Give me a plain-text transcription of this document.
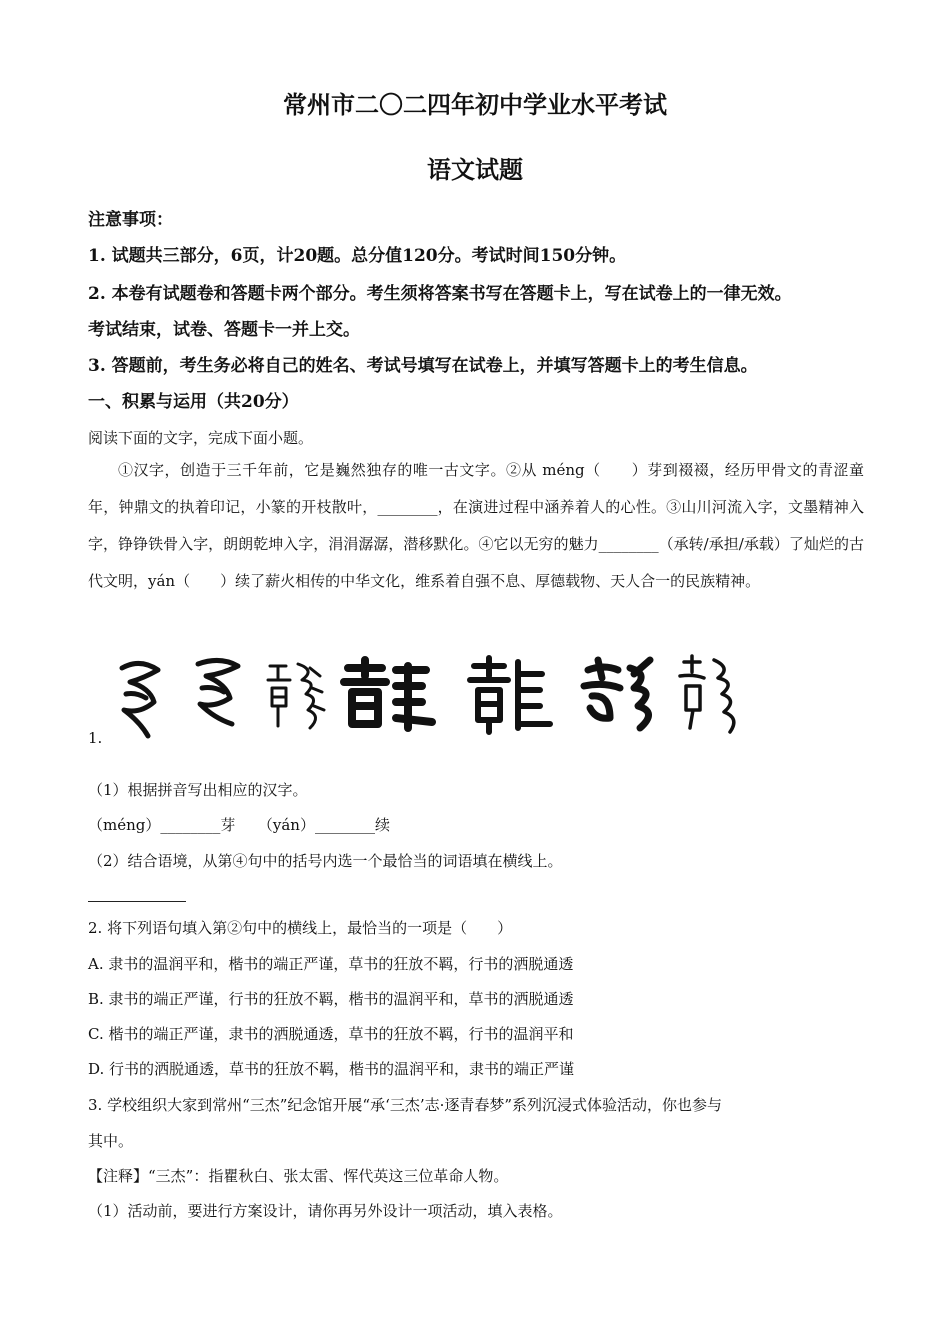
常州市二〇二四年初中学业水平考试
语文试题
注意事项：
1. 试题共三部分，6页，计20题。总分值120分。考试时间150分钟。
2. 本卷有试题卷和答题卡两个部分。考生须将答案书写在答题卡上，写在试卷上的一律无效。
考试结束，试卷、答题卡一并上交。
3. 答题前，考生务必将自己的姓名、考试号填写在试卷上，并填写答题卡上的考生信息。
一、积累与运用（共20分）
阅读下面的文字，完成下面小题。
①汉字，创造于三千年前，它是巍然独存的唯一古文字。②从 méng（　　）芽到裰裰，经历甲骨文的青涩童年，钟鼎文的执着印记，小篆的开枝散叶，________，在演进过程中涵养着人的心性。③山川河流入字，文墨精神入字，铮铮铁骨入字，朗朗乾坤入字，涓涓潺潺，潜移默化。④它以无穷的魅力________（承转/承担/承载）了灿烂的古代文明，yán（　　）续了薪火相传的中华文化，维系着自强不息、厚德载物、天人合一的民族精神。
1.
（1）根据拼音写出相应的汉字。
（méng）________芽　　（yán）________续
（2）结合语境，从第④句中的括号内选一个最恰当的词语填在横线上。
2. 将下列语句填入第②句中的横线上，最恰当的一项是（　　）
A. 隶书的温润平和，楷书的端正严谨，草书的狂放不羁，行书的洒脱通透
B. 隶书的端正严谨，行书的狂放不羁，楷书的温润平和，草书的洒脱通透
C. 楷书的端正严谨，隶书的洒脱通透，草书的狂放不羁，行书的温润平和
D. 行书的洒脱通透，草书的狂放不羁，楷书的温润平和，隶书的端正严谨
3. 学校组织大家到常州“三杰”纪念馆开展“承‘三杰’志·逐青春梦”系列沉浸式体验活动，你也参与
其中。
【注释】“三杰”：指瞿秋白、张太雷、恽代英这三位革命人物。
（1）活动前，要进行方案设计，请你再另外设计一项活动，填入表格。
